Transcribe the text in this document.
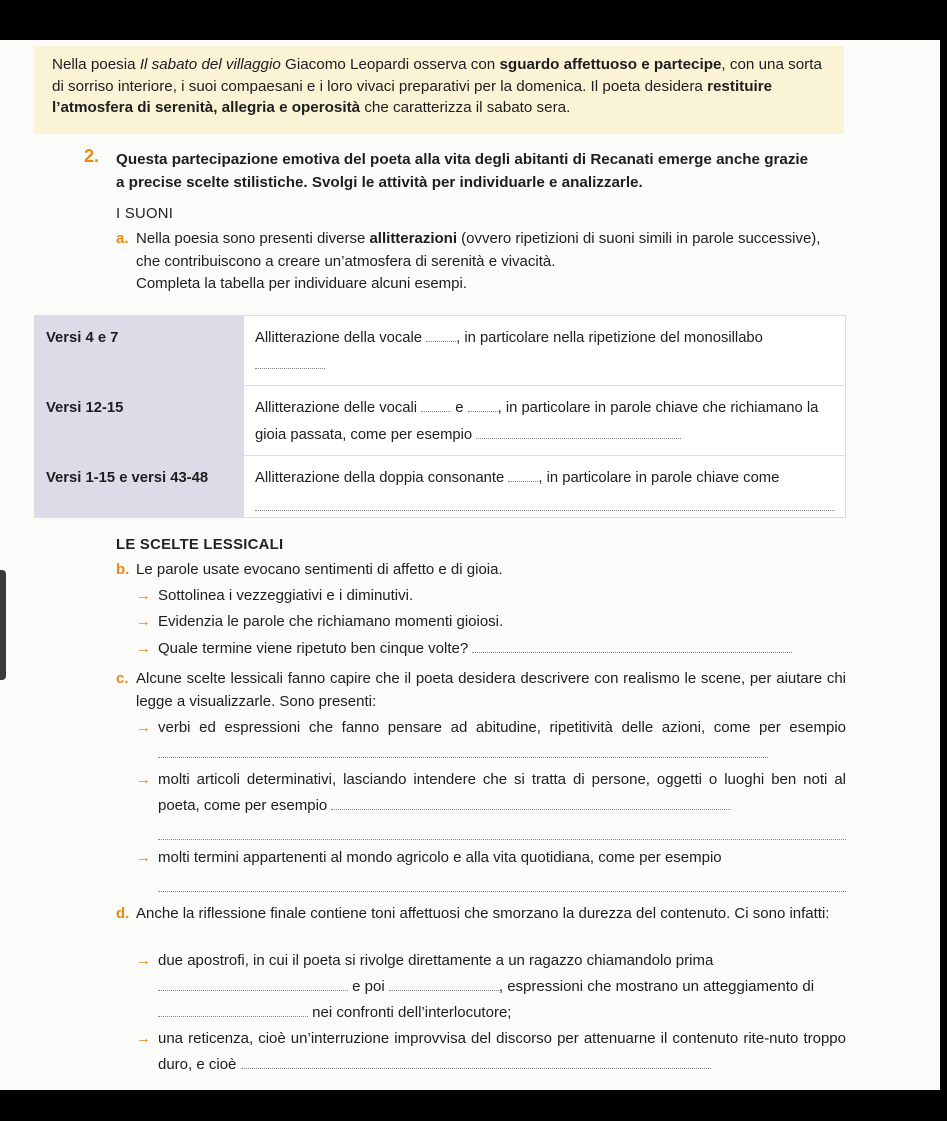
Nella poesia Il sabato del villaggio Giacomo Leopardi osserva con sguardo affettuoso e partecipe, con una sorta di sorriso interiore, i suoi compaesani e i loro vivaci preparativi per la domenica. Il poeta desidera restituire l’atmosfera di serenità, allegria e operosità che caratterizza il sabato sera.
2. Questa partecipazione emotiva del poeta alla vita degli abitanti di Recanati emerge anche grazie a precise scelte stilistiche. Svolgi le attività per individuarle e analizzarle.
I SUONI
a. Nella poesia sono presenti diverse allitterazioni (ovvero ripetizioni di suoni simili in parole successive), che contribuiscono a creare un’atmosfera di serenità e vivacità.
Completa la tabella per individuare alcuni esempi.
Versi 4 e 7	Allitterazione della vocale , in particolare nella ripetizione del monosillabo
Versi 12-15	Allitterazione delle vocali  e , in particolare in parole chiave che richiamano la gioia passata, come per esempio
Versi 1-15 e versi 43-48	Allitterazione della doppia consonante , in particolare in parole chiave come
LE SCELTE LESSICALI
b. Le parole usate evocano sentimenti di affetto e di gioia.
→ Sottolinea i vezzeggiativi e i diminutivi.
→ Evidenzia le parole che richiamano momenti gioiosi.
→ Quale termine viene ripetuto ben cinque volte?
c. Alcune scelte lessicali fanno capire che il poeta desidera descrivere con realismo le scene, per aiutare chi legge a visualizzarle. Sono presenti:
→ verbi ed espressioni che fanno pensare ad abitudine, ripetitività delle azioni, come per esempio
→ molti articoli determinativi, lasciando intendere che si tratta di persone, oggetti o luoghi ben noti al poeta, come per esempio
→ molti termini appartenenti al mondo agricolo e alla vita quotidiana, come per esempio
d. Anche la riflessione finale contiene toni affettuosi che smorzano la durezza del contenuto. Ci sono infatti:
→ due apostrofi, in cui il poeta si rivolge direttamente a un ragazzo chiamandolo prima
e poi	, espressioni che mostrano un atteggiamento di
nei confronti dell’interlocutore;
→ una reticenza, cioè un’interruzione improvvisa del discorso per attenuarne il contenuto rite-nuto troppo duro, e cioè
